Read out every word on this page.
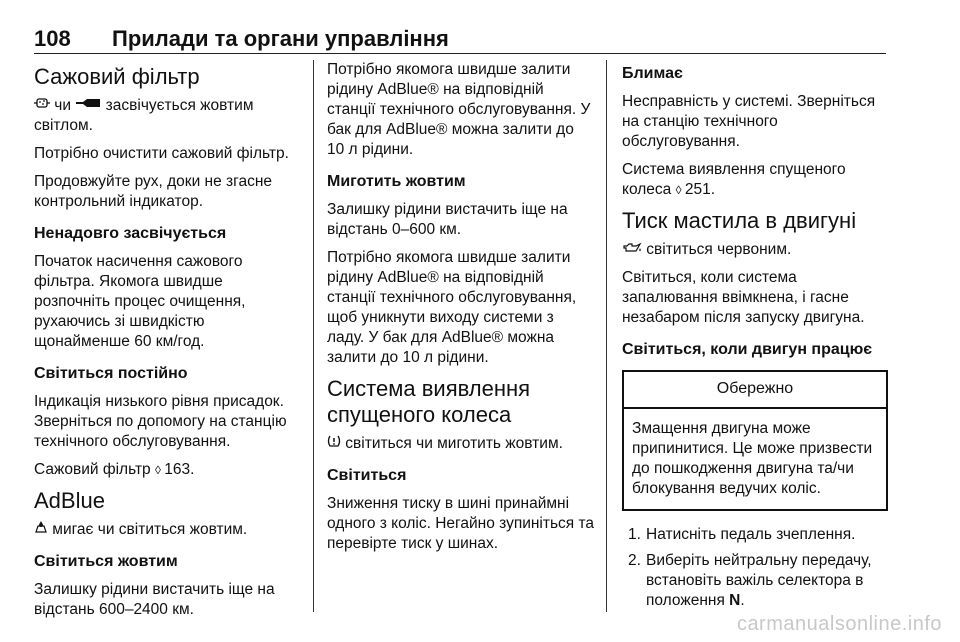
108 Прилади та органи управління
Сажовий фільтр

чи  засвічується жовтим світлом.

Потрібно очистити сажовий фільтр.

Продовжуйте рух, доки не згасне контрольний індикатор.

Ненадовго засвічується

Початок насичення сажового фільтра. Якомога швидше розпочніть процес очищення, рухаючись зі швидкістю щонайменше 60 км/год.

Світиться постійно

Індикація низького рівня присадок. Зверніться по допомогу на станцію технічного обслуговування.

Сажовий фільтр ◊ 163.

AdBlue

мигає чи світиться жовтим.

Світиться жовтим

Залишку рідини вистачить іще на відстань 600–2400 км.

Потрібно якомога швидше залити рідину AdBlue® на відповідній станції технічного обслуговування. У бак для AdBlue® можна залити до 10 л рідини.

Миготить жовтим

Залишку рідини вистачить іще на відстань 0–600 км.

Потрібно якомога швидше залити рідину AdBlue® на відповідній станції технічного обслуговування, щоб уникнути виходу системи з ладу. У бак для AdBlue® можна залити до 10 л рідини.

Система виявлення спущеного колеса

світиться чи миготить жовтим.

Світиться

Зниження тиску в шині принаймні одного з коліс. Негайно зупиніться та перевірте тиск у шинах.

Блимає

Несправність у системі. Зверніться на станцію технічного обслуговування.

Система виявлення спущеного колеса ◊ 251.

Тиск мастила в двигуні

світиться червоним.

Світиться, коли система запалювання ввімкнена, і гасне незабаром після запуску двигуна.

Світиться, коли двигун працює
Обережно
Змащення двигуна може припинитися. Це може призвести до пошкодження двигуна та/чи блокування ведучих коліс.
1. Натисніть педаль зчеплення.
2. Виберіть нейтральну передачу, встановіть важіль селектора в положення N.
carmanualsonline.info
